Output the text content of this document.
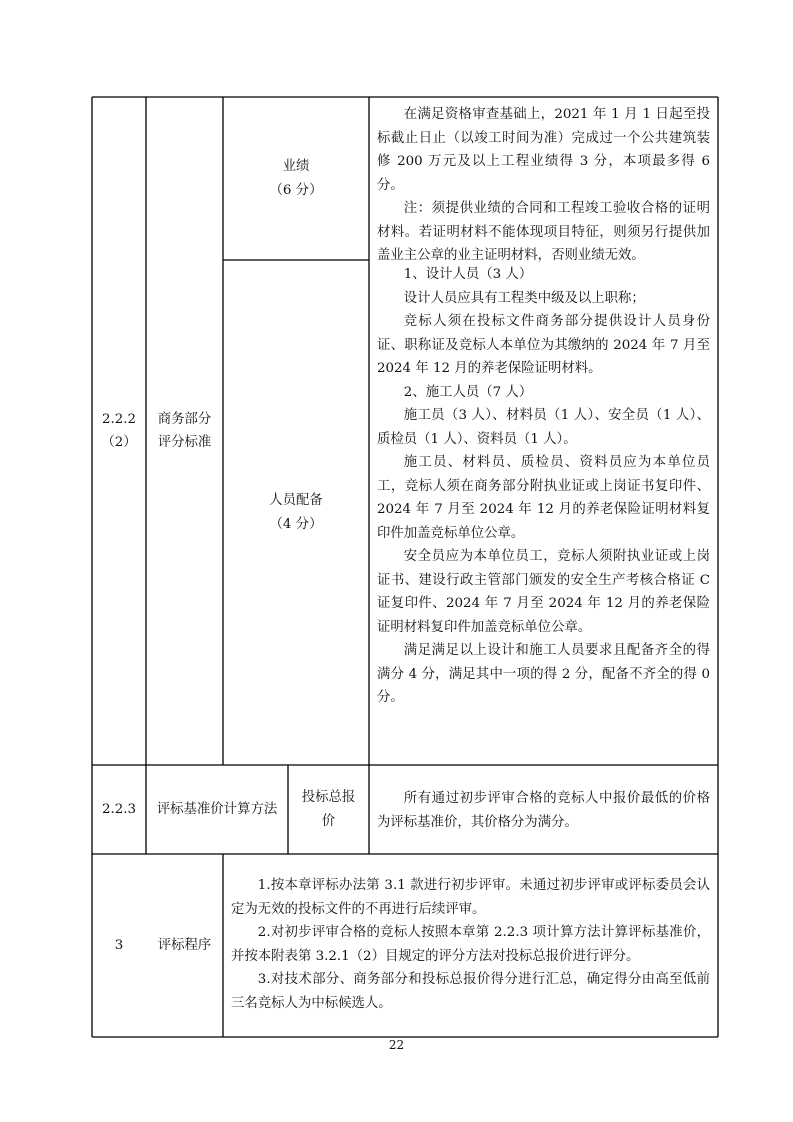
2.2.2
（2）
商务部分
评分标准
业绩
（6 分）

在满足资格审查基础上，2021 年 1 月 1 日起至投标截止日止（以竣工时间为准）完成过一个公共建筑装修 200 万元及以上工程业绩得 3 分，本项最多得 6 分。

注：须提供业绩的合同和工程竣工验收合格的证明材料。若证明材料不能体现项目特征，则须另行提供加盖业主公章的业主证明材料，否则业绩无效。

人员配备
（4 分）

1、设计人员（3 人）

设计人员应具有工程类中级及以上职称；

竞标人须在投标文件商务部分提供设计人员身份证、职称证及竞标人本单位为其缴纳的 2024 年 7 月至 2024 年 12 月的养老保险证明材料。

2、施工人员（7 人）

施工员（3 人）、材料员（1 人）、安全员（1 人）、质检员（1 人）、资料员（1 人）。

施工员、材料员、质检员、资料员应为本单位员工，竞标人须在商务部分附执业证或上岗证书复印件、2024 年 7 月至 2024 年 12 月的养老保险证明材料复印件加盖竞标单位公章。

安全员应为本单位员工，竞标人须附执业证或上岗证书、建设行政主管部门颁发的安全生产考核合格证 C 证复印件、2024 年 7 月至 2024 年 12 月的养老保险证明材料复印件加盖竞标单位公章。

满足满足以上设计和施工人员要求且配备齐全的得满分 4 分，满足其中一项的得 2 分，配备不齐全的得 0 分。

2.2.3 评标基准价计算方法
投标总报
价

所有通过初步评审合格的竞标人中报价最低的价格为评标基准价，其价格分为满分。

3	评标程序

1.按本章评标办法第 3.1 款进行初步评审。未通过初步评审或评标委员会认定为无效的投标文件的不再进行后续评审。

2.对初步评审合格的竞标人按照本章第 2.2.3 项计算方法计算评标基准价，并按本附表第 3.2.1（2）目规定的评分方法对投标总报价进行评分。

3.对技术部分、商务部分和投标总报价得分进行汇总，确定得分由高至低前三名竞标人为中标候选人。

22
